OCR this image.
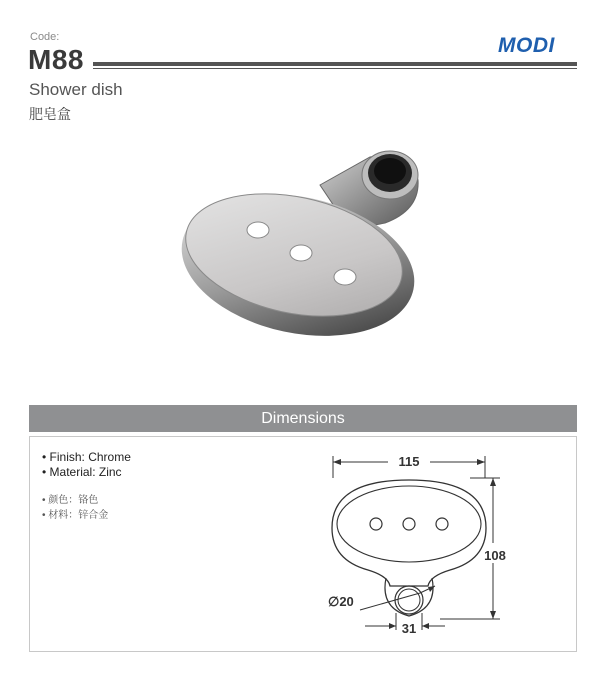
Code:
M88	MODI
Shower dish
肥皂盒
Dimensions
• Finish: Chrome
• Material: Zinc
• 颜色：铬色
• 材料：锌合金
115
108
∅20
31
